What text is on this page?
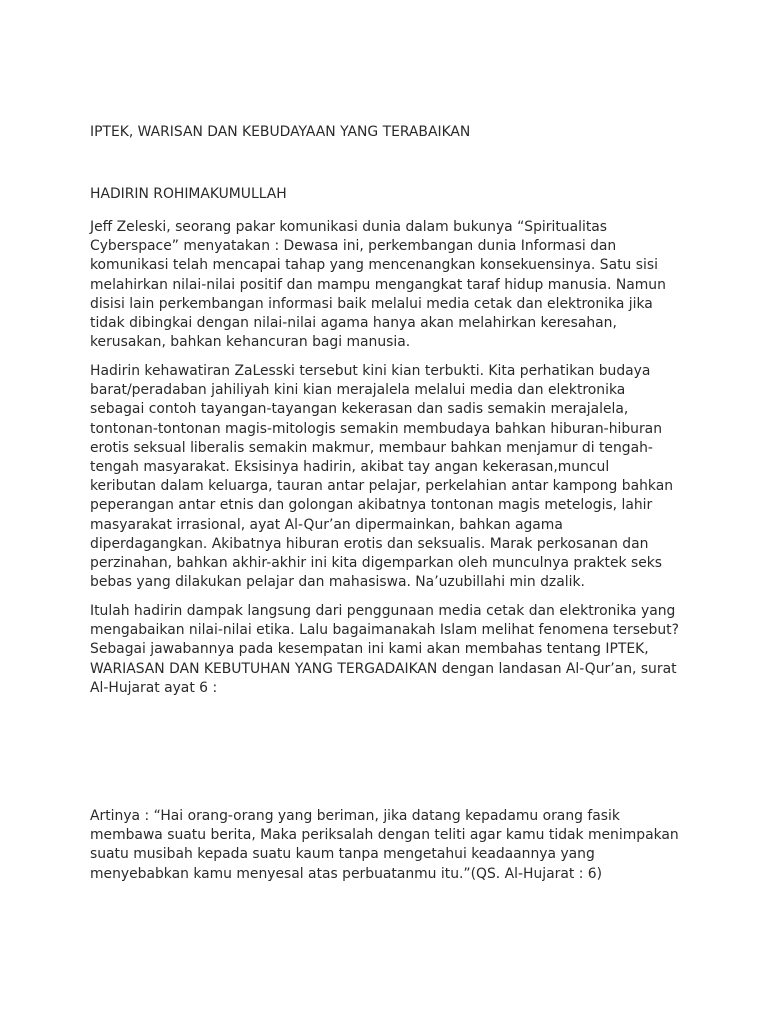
IPTEK, WARISAN DAN KEBUDAYAAN YANG TERABAIKAN
HADIRIN ROHIMAKUMULLAH
Jeff Zeleski, seorang pakar komunikasi dunia dalam bukunya “Spiritualitas
Cyberspace” menyatakan : Dewasa ini, perkembangan dunia Informasi dan
komunikasi telah mencapai tahap yang mencenangkan konsekuensinya. Satu sisi
melahirkan nilai-nilai positif dan mampu mengangkat taraf hidup manusia. Namun
disisi lain perkembangan informasi baik melalui media cetak dan elektronika jika
tidak dibingkai dengan nilai-nilai agama hanya akan melahirkan keresahan,
kerusakan, bahkan kehancuran bagi manusia.
Hadirin kehawatiran ZaLesski tersebut kini kian terbukti. Kita perhatikan budaya
barat/peradaban jahiliyah kini kian merajalela melalui media dan elektronika
sebagai contoh tayangan-tayangan kekerasan dan sadis semakin merajalela,
tontonan-tontonan magis-mitologis semakin membudaya bahkan hiburan-hiburan
erotis seksual liberalis semakin makmur, membaur bahkan menjamur di tengah-
tengah masyarakat. Eksisinya hadirin, akibat tay angan kekerasan,muncul
keributan dalam keluarga, tauran antar pelajar, perkelahian antar kampong bahkan
peperangan antar etnis dan golongan akibatnya tontonan magis metelogis, lahir
masyarakat irrasional, ayat Al-Qur’an dipermainkan, bahkan agama
diperdagangkan. Akibatnya hiburan erotis dan seksualis. Marak perkosanan dan
perzinahan, bahkan akhir-akhir ini kita digemparkan oleh munculnya praktek seks
bebas yang dilakukan pelajar dan mahasiswa. Na’uzubillahi min dzalik.
Itulah hadirin dampak langsung dari penggunaan media cetak dan elektronika yang
mengabaikan nilai-nilai etika. Lalu bagaimanakah Islam melihat fenomena tersebut?
Sebagai jawabannya pada kesempatan ini kami akan membahas tentang IPTEK,
WARIASAN DAN KEBUTUHAN YANG TERGADAIKAN dengan landasan Al-Qur’an, surat
Al-Hujarat ayat 6 :
Artinya : “Hai orang-orang yang beriman, jika datang kepadamu orang fasik
membawa suatu berita, Maka periksalah dengan teliti agar kamu tidak menimpakan
suatu musibah kepada suatu kaum tanpa mengetahui keadaannya yang
menyebabkan kamu menyesal atas perbuatanmu itu.”(QS. Al-Hujarat : 6)
